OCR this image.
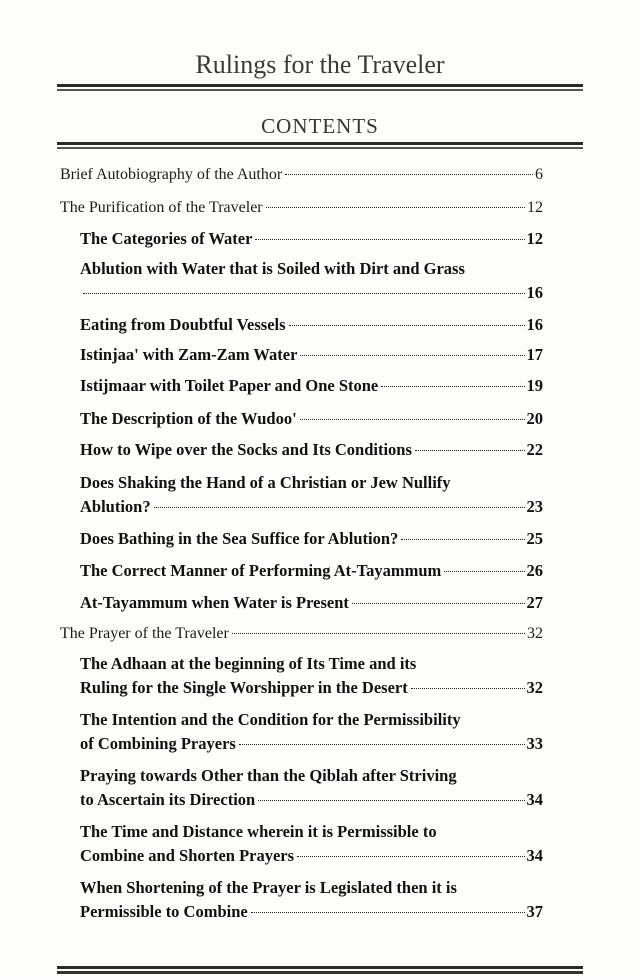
Rulings for the Traveler
CONTENTS
Brief Autobiography of the Author	6
The Purification of the Traveler	12
The Categories of Water	12
Ablution with Water that is Soiled with Dirt and Grass
16
Eating from Doubtful Vessels	16
Istinjaa' with Zam-Zam Water	17
Istijmaar with Toilet Paper and One Stone	19
The Description of the Wudoo'	20
How to Wipe over the Socks and Its Conditions	22
Does Shaking the Hand of a Christian or Jew Nullify
Ablution?	23
Does Bathing in the Sea Suffice for Ablution?	25
The Correct Manner of Performing At-Tayammum	26
At-Tayammum when Water is Present	27
The Prayer of the Traveler	32
The Adhaan at the beginning of Its Time and its
Ruling for the Single Worshipper in the Desert	32
The Intention and the Condition for the Permissibility
of Combining Prayers	33
Praying towards Other than the Qiblah after Striving
to Ascertain its Direction	34
The Time and Distance wherein it is Permissible to
Combine and Shorten Prayers	34
When Shortening of the Prayer is Legislated then it is
Permissible to Combine	37
